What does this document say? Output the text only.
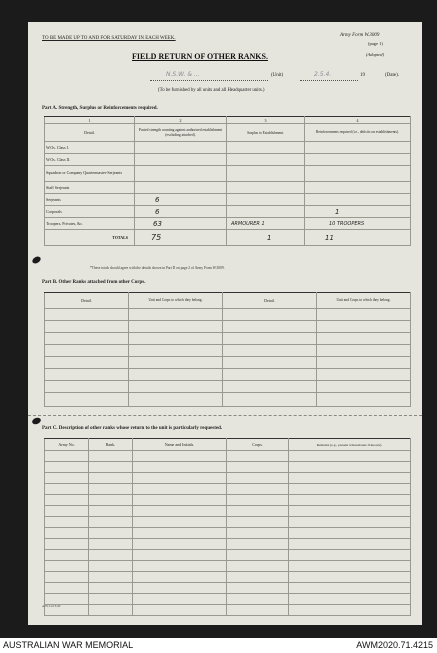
TO BE MADE UP TO AND FOR SATURDAY IN EACH WEEK.
Army Form W.3009
(page 1)
(Adapted)
FIELD RETURN OF OTHER RANKS.
N.S.W. & ...	(Unit)	2.5.4.	19	(Date).
(To be furnished by all units and all Headquarter units.)
Part A. Strength, Surplus or Reinforcements required.
1	2	3	4
Detail.	Posted strength counting against authorized establishment (excluding attached).	Surplus to Establishment.	Reinforcements required (i.e., deficits on establishments).
W.Os. Class I.			
W.Os. Class II.			
Squadron or Company Quartermaster-Serjeants			
Staff Serjeants			
Serjeants	6		
Corporals	6		1
Troopers, Privates, &c.	63	ARMOURER 1	10 TROOPERS
TOTALS	75	1	11
*These totals should agree with the details shown in Part D on page 2 of Army Form W.3009.
Part B. Other Ranks attached from other Corps.
Detail.	Unit and Corps to which they belong.	Detail.	Unit and Corps to which they belong.

Part C. Description of other ranks whose return to the unit is particularly requested.
Army No.	Rank.	Name and Initials.	Corps.	Remarks (e.g., present whereabouts if known).

A.W. Ltd 3/43
AUSTRALIAN WAR MEMORIAL	AWM2020.71.4215
